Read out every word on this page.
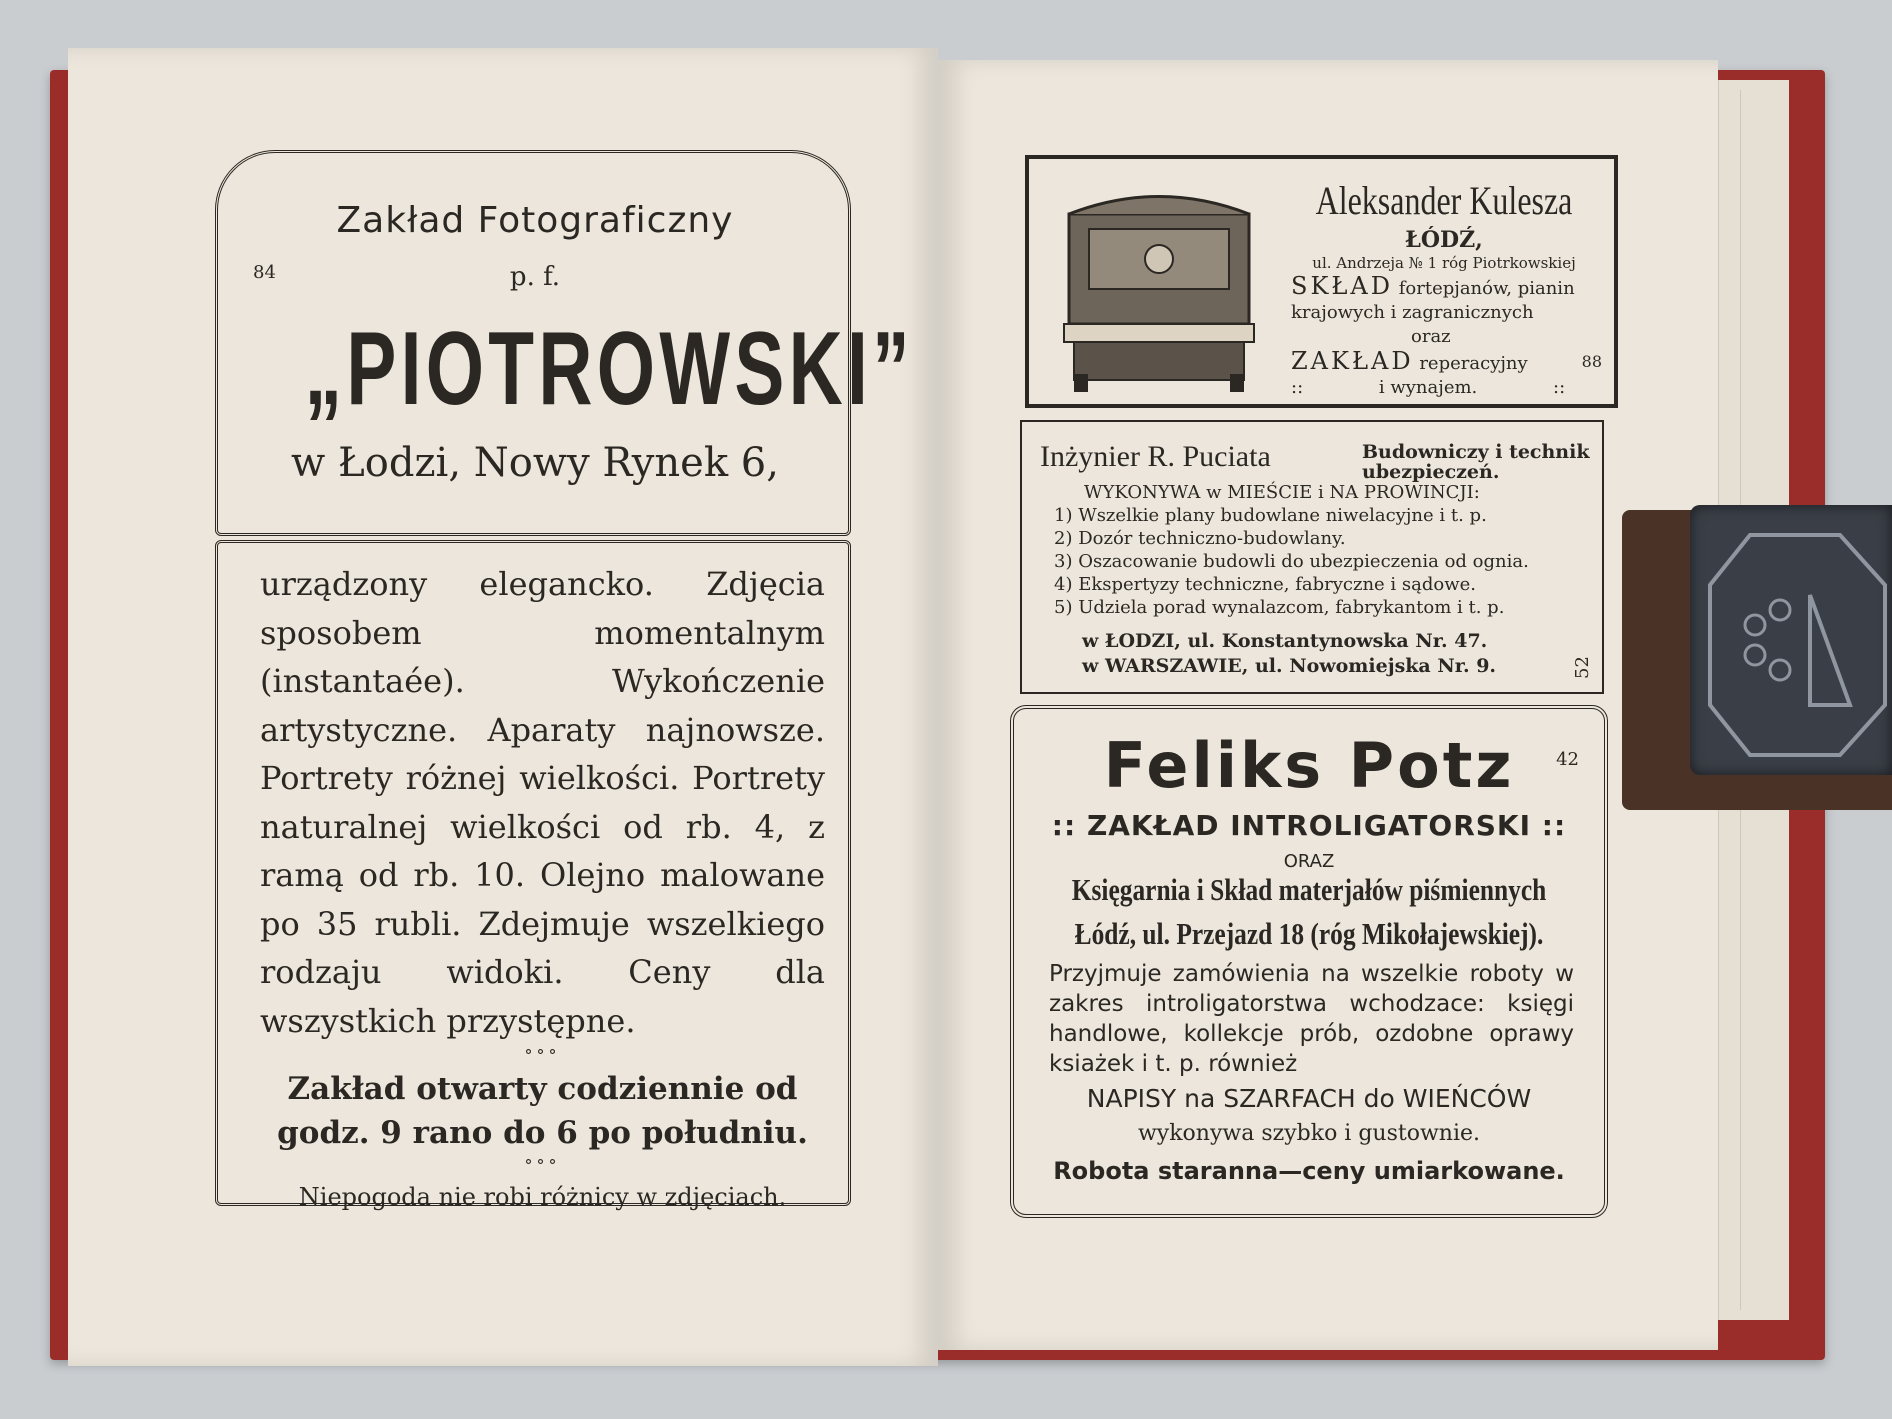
Zakład Fotograficzny
84	p. f.
„PIOTROWSKI”
w Łodzi, Nowy Rynek 6,

urządzony elegancko. Zdjęcia sposobem momentalnym (instantaée). Wykończenie artystyczne. Aparaty najnowsze. Portrety różnej wielkości. Portrety naturalnej wielkości od rb. 4, z ramą od rb. 10. Olejno malowane po 35 rubli. Zdejmuje wszelkiego rodzaju widoki. Ceny dla wszystkich przystępne.

°°°
Zakład otwarty codziennie od godz. 9 rano do 6 po południu.
°°°
Niepogoda nie robi różnicy w zdjęciach.
Aleksander Kulesza
ŁÓDŹ,
ul. Andrzeja № 1 róg Piotrkowskiej
SKŁAD fortepjanów, pianin krajowych i zagranicznych
oraz
ZAKŁAD reperacyjny
::	i wynajem.	::
88
Inżynier R. Puciata	Budowniczy i technik ubezpieczeń.
WYKONYWA w MIEŚCIE i NA PROWINCJI:
1) Wszelkie plany budowlane niwelacyjne i t. p.
2) Dozór techniczno-budowlany.
3) Oszacowanie budowli do ubezpieczenia od ognia.
4) Ekspertyzy techniczne, fabryczne i sądowe.
5) Udziela porad wynalazcom, fabrykantom i t. p.
w ŁODZI, ul. Konstantynowska Nr. 47.
w WARSZAWIE, ul. Nowomiejska Nr. 9.	52
42
Feliks Potz
:: ZAKŁAD INTROLIGATORSKI ::
ORAZ
Księgarnia i Skład materjałów piśmiennych
Łódź, ul. Przejazd 18 (róg Mikołajewskiej).
Przyjmuje zamówienia na wszelkie roboty w zakres introligatorstwa wchodzace: księgi handlowe, kollekcje prób, ozdobne oprawy ksiażek i t. p. również
NAPISY na SZARFACH do WIEŃCÓW
wykonywa szybko i gustownie.
Robota staranna—ceny umiarkowane.
